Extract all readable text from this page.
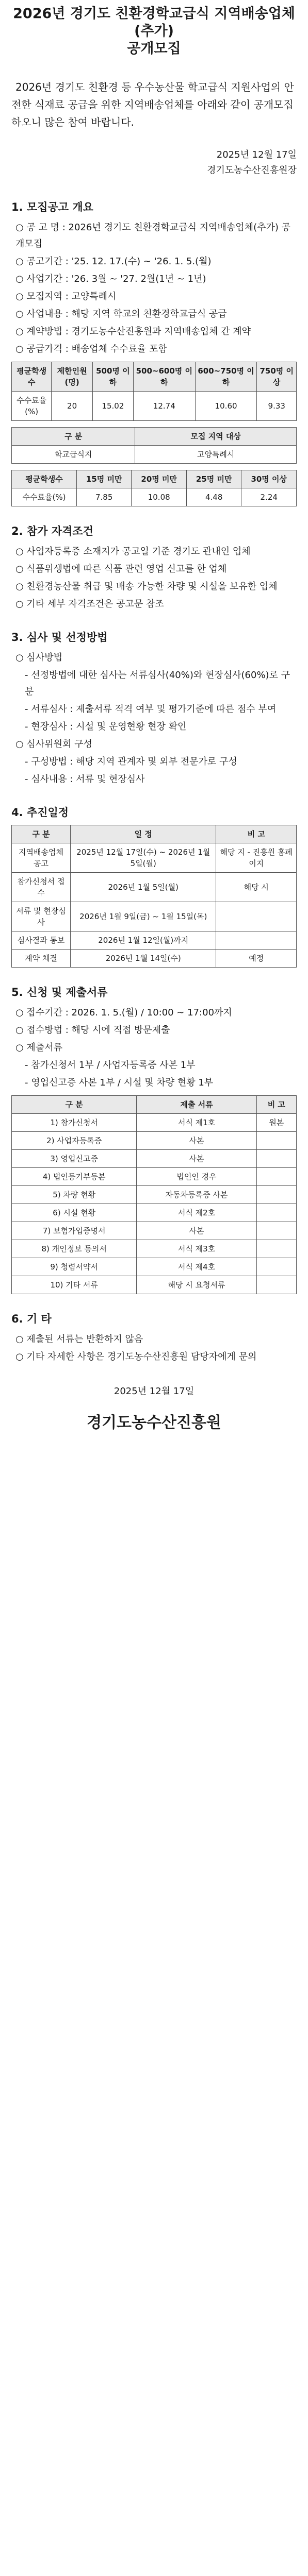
2026년 경기도 친환경학교급식 지역배송업체(추가)
공개모집

2026년 경기도 친환경 등 우수농산물 학교급식 지원사업의 안전한 식재료 공급을 위한 지역배송업체를 아래와 같이 공개모집 하오니 많은 참여 바랍니다.

2025년 12월 17일
경기도농수산진흥원장
1. 모집공고 개요
○ 공 고 명 : 2026년 경기도 친환경학교급식 지역배송업체(추가) 공개모집
○ 공고기간 : '25. 12. 17.(수) ~ '26. 1. 5.(월)
○ 사업기간 : '26. 3월 ~ '27. 2월(1년 ~ 1년)
○ 모집지역 : 고양특례시
○ 사업내용 : 해당 지역 학교의 친환경학교급식 공급
○ 계약방법 : 경기도농수산진흥원과 지역배송업체 간 계약
○ 공급가격 : 배송업체 수수료율 포함
평균학생수	제한인원(명)	500명 이하	500~600명 이하	600~750명 이하	750명 이상
수수료율(%)	20	15.02	12.74	10.60	9.33
구 분	모집 지역 대상
학교급식지	고양특례시
평균학생수	15명 미만	20명 미만	25명 미만	30명 이상
수수료율(%)	7.85	10.08	4.48	2.24
2. 참가 자격조건
○ 사업자등록증 소재지가 공고일 기준 경기도 관내인 업체
○ 식품위생법에 따른 식품 관련 영업 신고를 한 업체
○ 친환경농산물 취급 및 배송 가능한 차량 및 시설을 보유한 업체
○ 기타 세부 자격조건은 공고문 참조
3. 심사 및 선정방법
○ 심사방법
- 선정방법에 대한 심사는 서류심사(40%)와 현장심사(60%)로 구분
- 서류심사 : 제출서류 적격 여부 및 평가기준에 따른 점수 부여
- 현장심사 : 시설 및 운영현황 현장 확인
○ 심사위원회 구성
- 구성방법 : 해당 지역 관계자 및 외부 전문가로 구성
- 심사내용 : 서류 및 현장심사
4. 추진일정
구 분	일 정	비 고
지역배송업체 공고	2025년 12월 17일(수) ~ 2026년 1월 5일(월)	해당 지 - 진흥원 홈페이지
참가신청서 접수	2026년 1월 5일(월)	해당 시
서류 및 현장심사	2026년 1월 9일(금) ~ 1월 15일(목)	
심사결과 통보	2026년 1월 12일(월)까지	
계약 체결	2026년 1월 14일(수)	예정
5. 신청 및 제출서류
○ 접수기간 : 2026. 1. 5.(월) / 10:00 ~ 17:00까지
○ 접수방법 : 해당 시에 직접 방문제출
○ 제출서류
- 참가신청서 1부 / 사업자등록증 사본 1부
- 영업신고증 사본 1부 / 시설 및 차량 현황 1부
구 분	제출 서류	비 고
1) 참가신청서	서식 제1호	원본
2) 사업자등록증	사본	
3) 영업신고증	사본	
4) 법인등기부등본	법인인 경우	
5) 차량 현황	자동차등록증 사본	
6) 시설 현황	서식 제2호	
7) 보험가입증명서	사본	
8) 개인정보 동의서	서식 제3호	
9) 청렴서약서	서식 제4호	
10) 기타 서류	해당 시 요청서류	
6. 기 타
○ 제출된 서류는 반환하지 않음
○ 기타 자세한 사항은 경기도농수산진흥원 담당자에게 문의
2025년 12월 17일
경기도농수산진흥원
